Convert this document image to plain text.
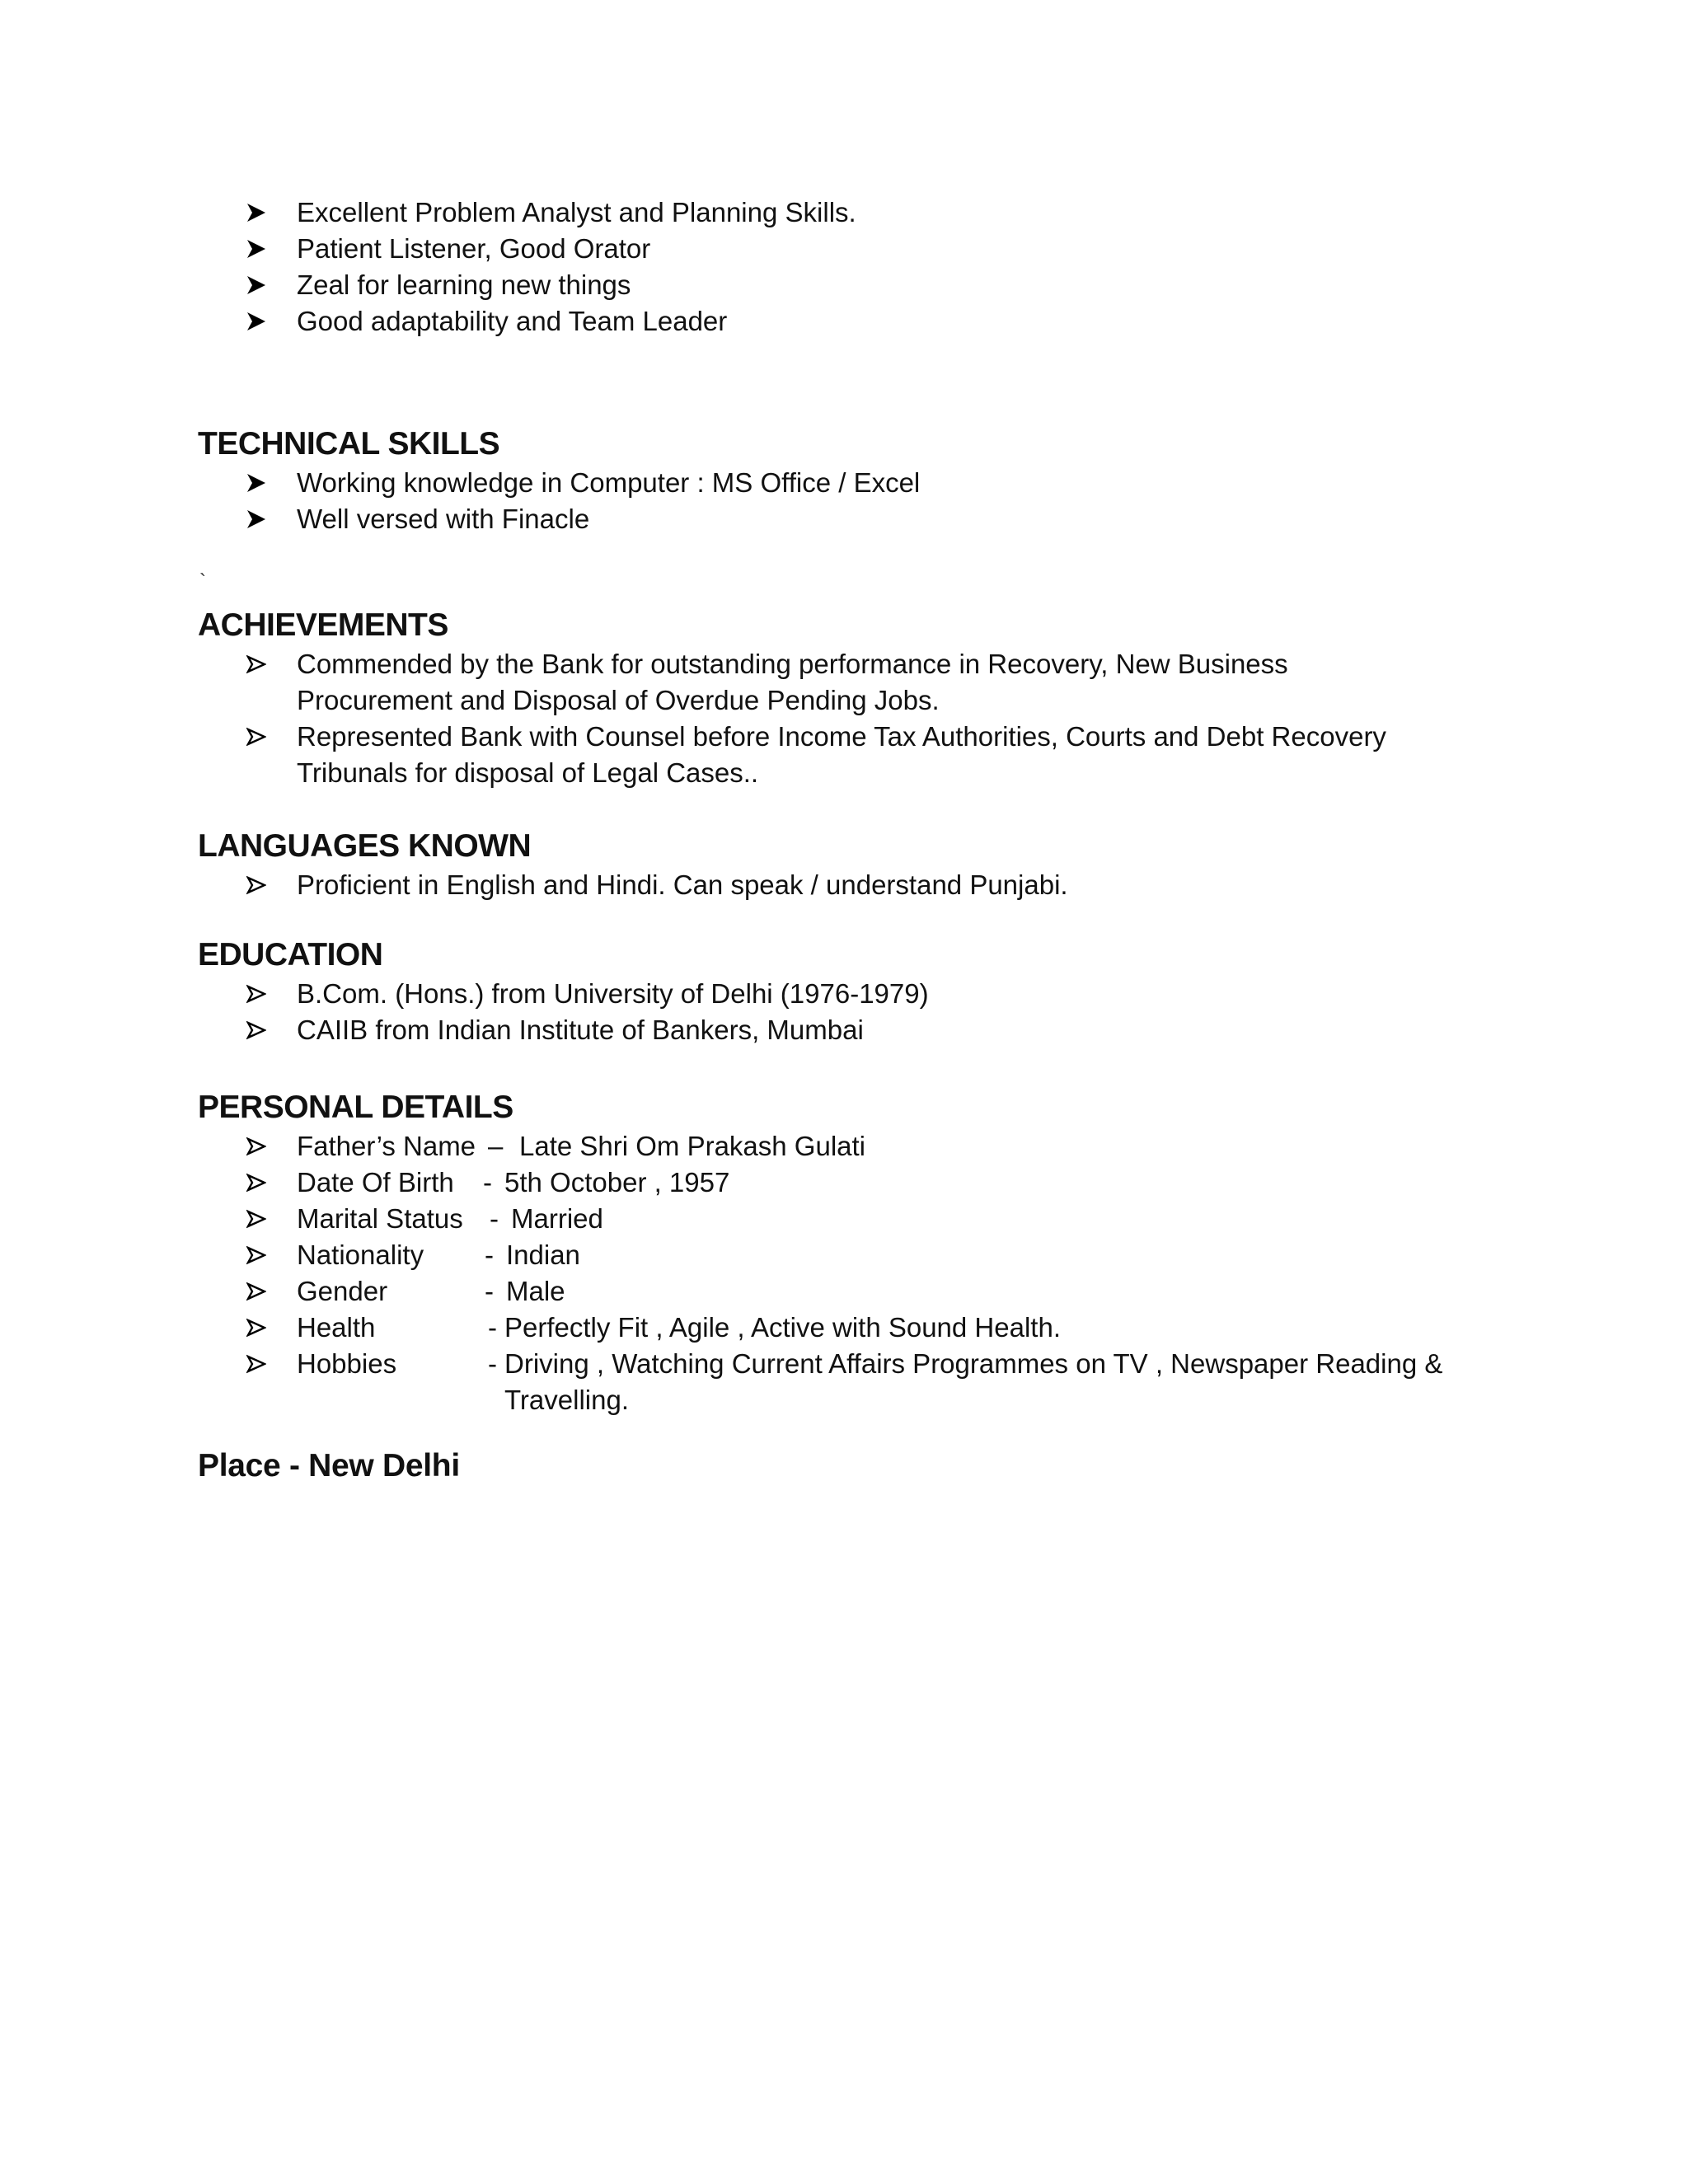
Excellent Problem Analyst and Planning Skills.
Patient Listener, Good Orator
Zeal for learning new things
Good adaptability and Team Leader
TECHNICAL SKILLS
Working knowledge in Computer : MS Office / Excel
Well versed with Finacle
`
ACHIEVEMENTS
Commended by the Bank for outstanding performance in Recovery, New Business Procurement and Disposal of Overdue Pending Jobs.
Represented Bank with Counsel before Income Tax Authorities, Courts and Debt Recovery Tribunals for disposal of Legal Cases..
LANGUAGES KNOWN
Proficient in English and Hindi. Can speak / understand Punjabi.
EDUCATION
B.Com. (Hons.) from University of Delhi (1976-1979)
CAIIB from Indian Institute of Bankers, Mumbai
PERSONAL DETAILS
Father’s Name – Late Shri Om Prakash Gulati
Date Of Birth - 5th October , 1957
Marital Status - Married
Nationality - Indian
Gender	- Male
Health	- Perfectly Fit , Agile , Active with Sound Health.
Hobbies	- Driving , Watching Current Affairs Programmes on TV , Newspaper Reading & Travelling.
Place - New Delhi
